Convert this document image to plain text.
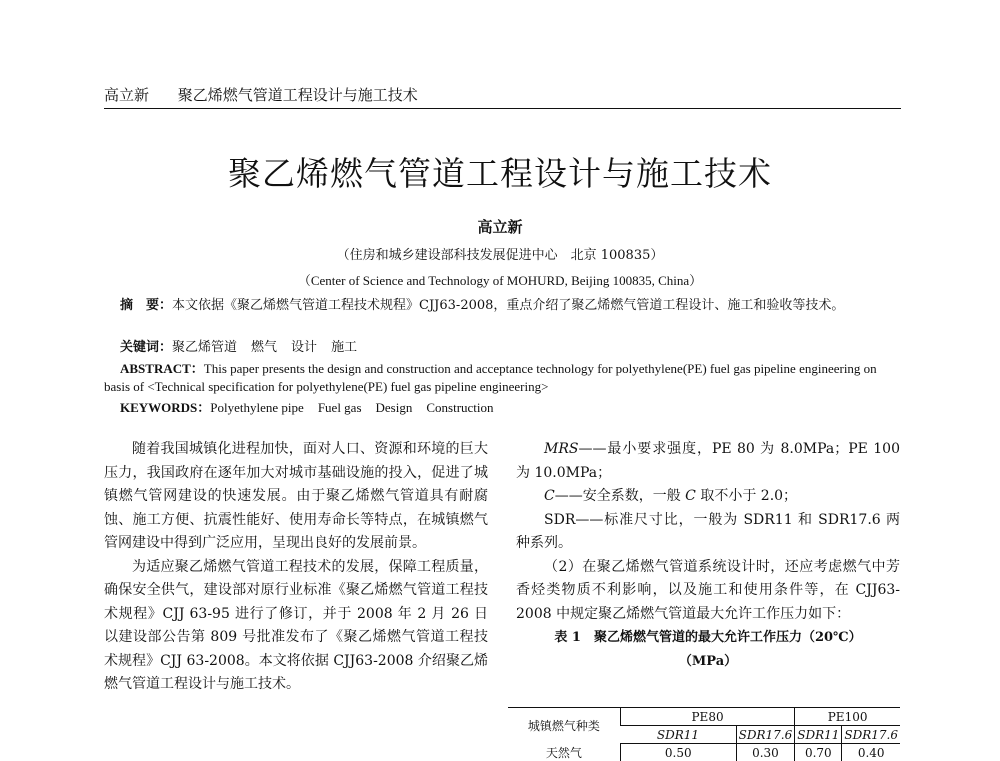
高立新 聚乙烯燃气管道工程设计与施工技术
聚乙烯燃气管道工程设计与施工技术
高立新
（住房和城乡建设部科技发展促进中心　北京 100835）
（Center of Science and Technology of MOHURD, Beijing 100835, China）
摘　要：本文依据《聚乙烯燃气管道工程技术规程》CJJ63-2008，重点介绍了聚乙烯燃气管道工程设计、施工和验收等技术。
关键词：聚乙烯管道 燃气 设计 施工
ABSTRACT：This paper presents the design and construction and acceptance technology for polyethylene(PE) fuel gas pipeline engineering on basis of <Technical specification for polyethylene(PE) fuel gas pipeline engineering>
KEYWORDS：Polyethylene pipe Fuel gas Design Construction

随着我国城镇化进程加快，面对人口、资源和环境的巨大压力，我国政府在逐年加大对城市基础设施的投入，促进了城镇燃气管网建设的快速发展。由于聚乙烯燃气管道具有耐腐蚀、施工方便、抗震性能好、使用寿命长等特点，在城镇燃气管网建设中得到广泛应用，呈现出良好的发展前景。

为适应聚乙烯燃气管道工程技术的发展，保障工程质量，确保安全供气，建设部对原行业标准《聚乙烯燃气管道工程技术规程》CJJ 63-95 进行了修订，并于 2008 年 2 月 26 日以建设部公告第 809 号批准发布了《聚乙烯燃气管道工程技术规程》CJJ 63-2008。本文将依据 CJJ63-2008 介绍聚乙烯燃气管道工程设计与施工技术。

MRS——最小要求强度，PE 80 为 8.0MPa；PE 100 为 10.0MPa；

C——安全系数，一般 C 取不小于 2.0；

SDR——标准尺寸比，一般为 SDR11 和 SDR17.6 两种系列。

（2）在聚乙烯燃气管道系统设计时，还应考虑燃气中芳香烃类物质不利影响，以及施工和使用条件等，在 CJJ63-2008 中规定聚乙烯燃气管道最大允许工作压力如下：

表 1　聚乙烯燃气管道的最大允许工作压力（20℃）

（MPa）

城镇燃气种类	PE80		PE100	
	SDR11	SDR17.6	SDR11	SDR17.6
天然气	0.50	0.30	0.70	0.40
